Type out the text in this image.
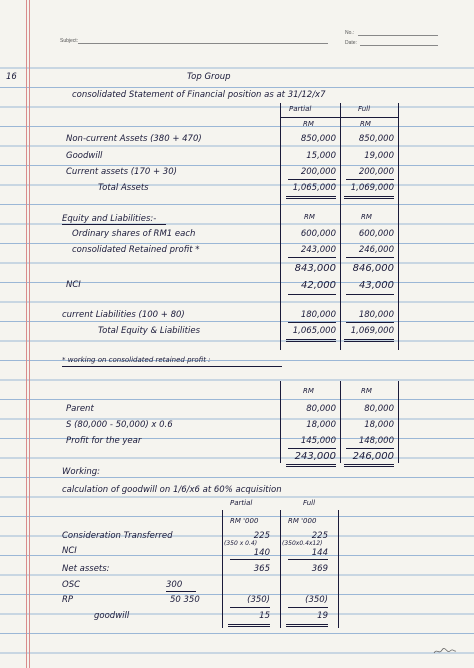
Subject:
No.:
Date:
16	Top Group
consolidated Statement of Financial position as at 31/12/x7
Partial	Full
RM	RM
Non-current Assets (380 + 470)	850,000	850,000
Goodwill	15,000	19,000
Current assets (170 + 30)	200,000	200,000
Total Assets	1,065,000	1,069,000
Equity and Liabilities:-	RM	RM
Ordinary shares of RM1 each	600,000	600,000
consolidated Retained profit *	243,000	246,000
843,000	846,000
NCI	42,000	43,000
current Liabilities (100 + 80)	180,000	180,000
Total Equity & Liabilities	1,065,000	1,069,000
* working on consolidated retained profit :
RM	RM
Parent	80,000	80,000
S (80,000 - 50,000) x 0.6	18,000	18,000
Profit for the year	145,000	148,000
243,000	246,000
Working:
calculation of goodwill on 1/6/x6 at 60% acquisition
Partial	Full
RM '000	RM '000
Consideration Transferred	225	225
(350 x 0.4)	(350x0.4x12)
NCI	140	144
Net assets:	365	369
OSC	300
RP	50 350	(350)	(350)
goodwill	15	19
